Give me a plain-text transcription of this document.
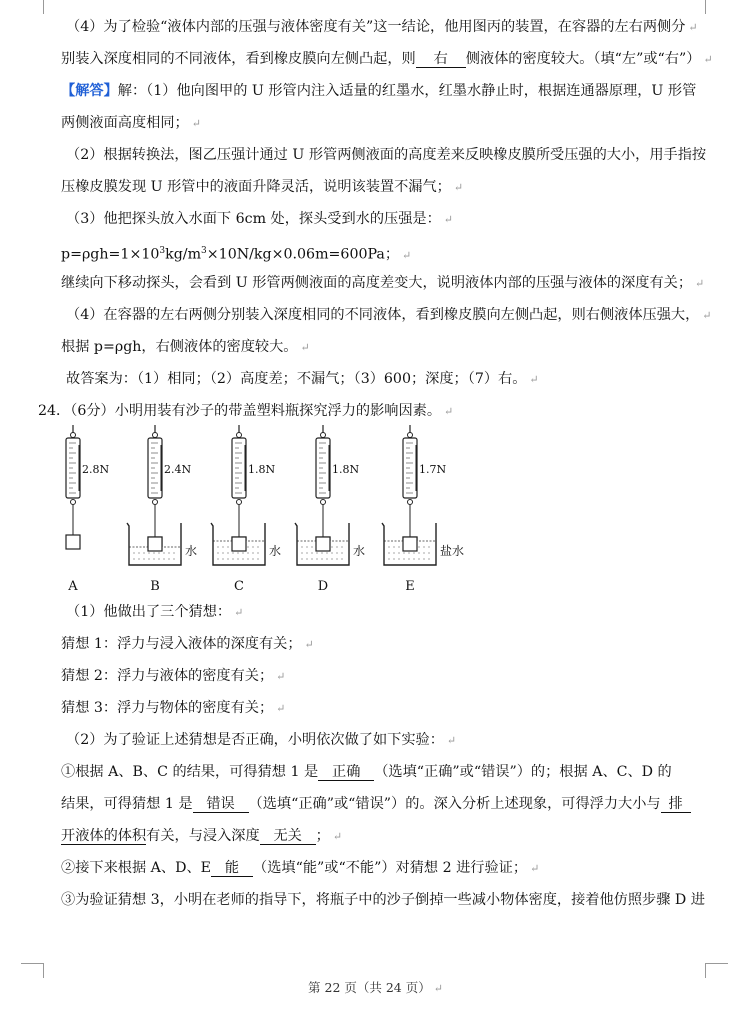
（4）为了检验“液体内部的压强与液体密度有关”这一结论，他用图丙的装置，在容器的左右两侧分 ↵
别装入深度相同的不同液体，看到橡皮膜向左侧凸起，则 右 侧液体的密度较大。（填“左”或“右”） ↵
【解答】解：（1）他向图甲的 U 形管内注入适量的红墨水，红墨水静止时，根据连通器原理，U 形管
两侧液面高度相同； ↵
（2）根据转换法，图乙压强计通过 U 形管两侧液面的高度差来反映橡皮膜所受压强的大小，用手指按
压橡皮膜发现 U 形管中的液面升降灵活，说明该装置不漏气； ↵
（3）他把探头放入水面下 6cm 处，探头受到水的压强是： ↵
$p=\rho gh=1\times 10^3kg/m^3\times 10N/kg\times 0.06m=600Pa$； ↵
继续向下移动探头，会看到 U 形管两侧液面的高度差变大，说明液体内部的压强与液体的深度有关； ↵
（4）在容器的左右两侧分别装入深度相同的不同液体，看到橡皮膜向左侧凸起，则右侧液体压强大， ↵
根据 p=ρgh，右侧液体的密度较大。 ↵
故答案为：（1）相同；（2）高度差；不漏气；（3）600；深度；（7）右。 ↵
24．（6分）小明用装有沙子的带盖塑料瓶探究浮力的影响因素。 ↵
2.8N
A
2.4N
水
B
1.8N
水
C
1.8N
水
D
1.7N
盐水
E
（1）他做出了三个猜想： ↵
猜想 1：浮力与浸入液体的深度有关； ↵
猜想 2：浮力与液体的密度有关； ↵
猜想 3：浮力与物体的密度有关； ↵
（2）为了验证上述猜想是否正确，小明依次做了如下实验： ↵
①根据 A、B、C 的结果，可得猜想 1 是 正确 （选填“正确”或“错误”）的；根据 A、C、D 的
结果，可得猜想 1 是 错误 （选填“正确”或“错误”）的。深入分析上述现象，可得浮力大小与 排
开液体的体积有关，与浸入深度 无关 ； ↵
②接下来根据 A、D、E 能 （选填“能”或“不能”）对猜想 2 进行验证； ↵
③为验证猜想 3，小明在老师的指导下，将瓶子中的沙子倒掉一些减小物体密度，接着他仿照步骤 D 进
第 22 页（共 24 页） ↵
